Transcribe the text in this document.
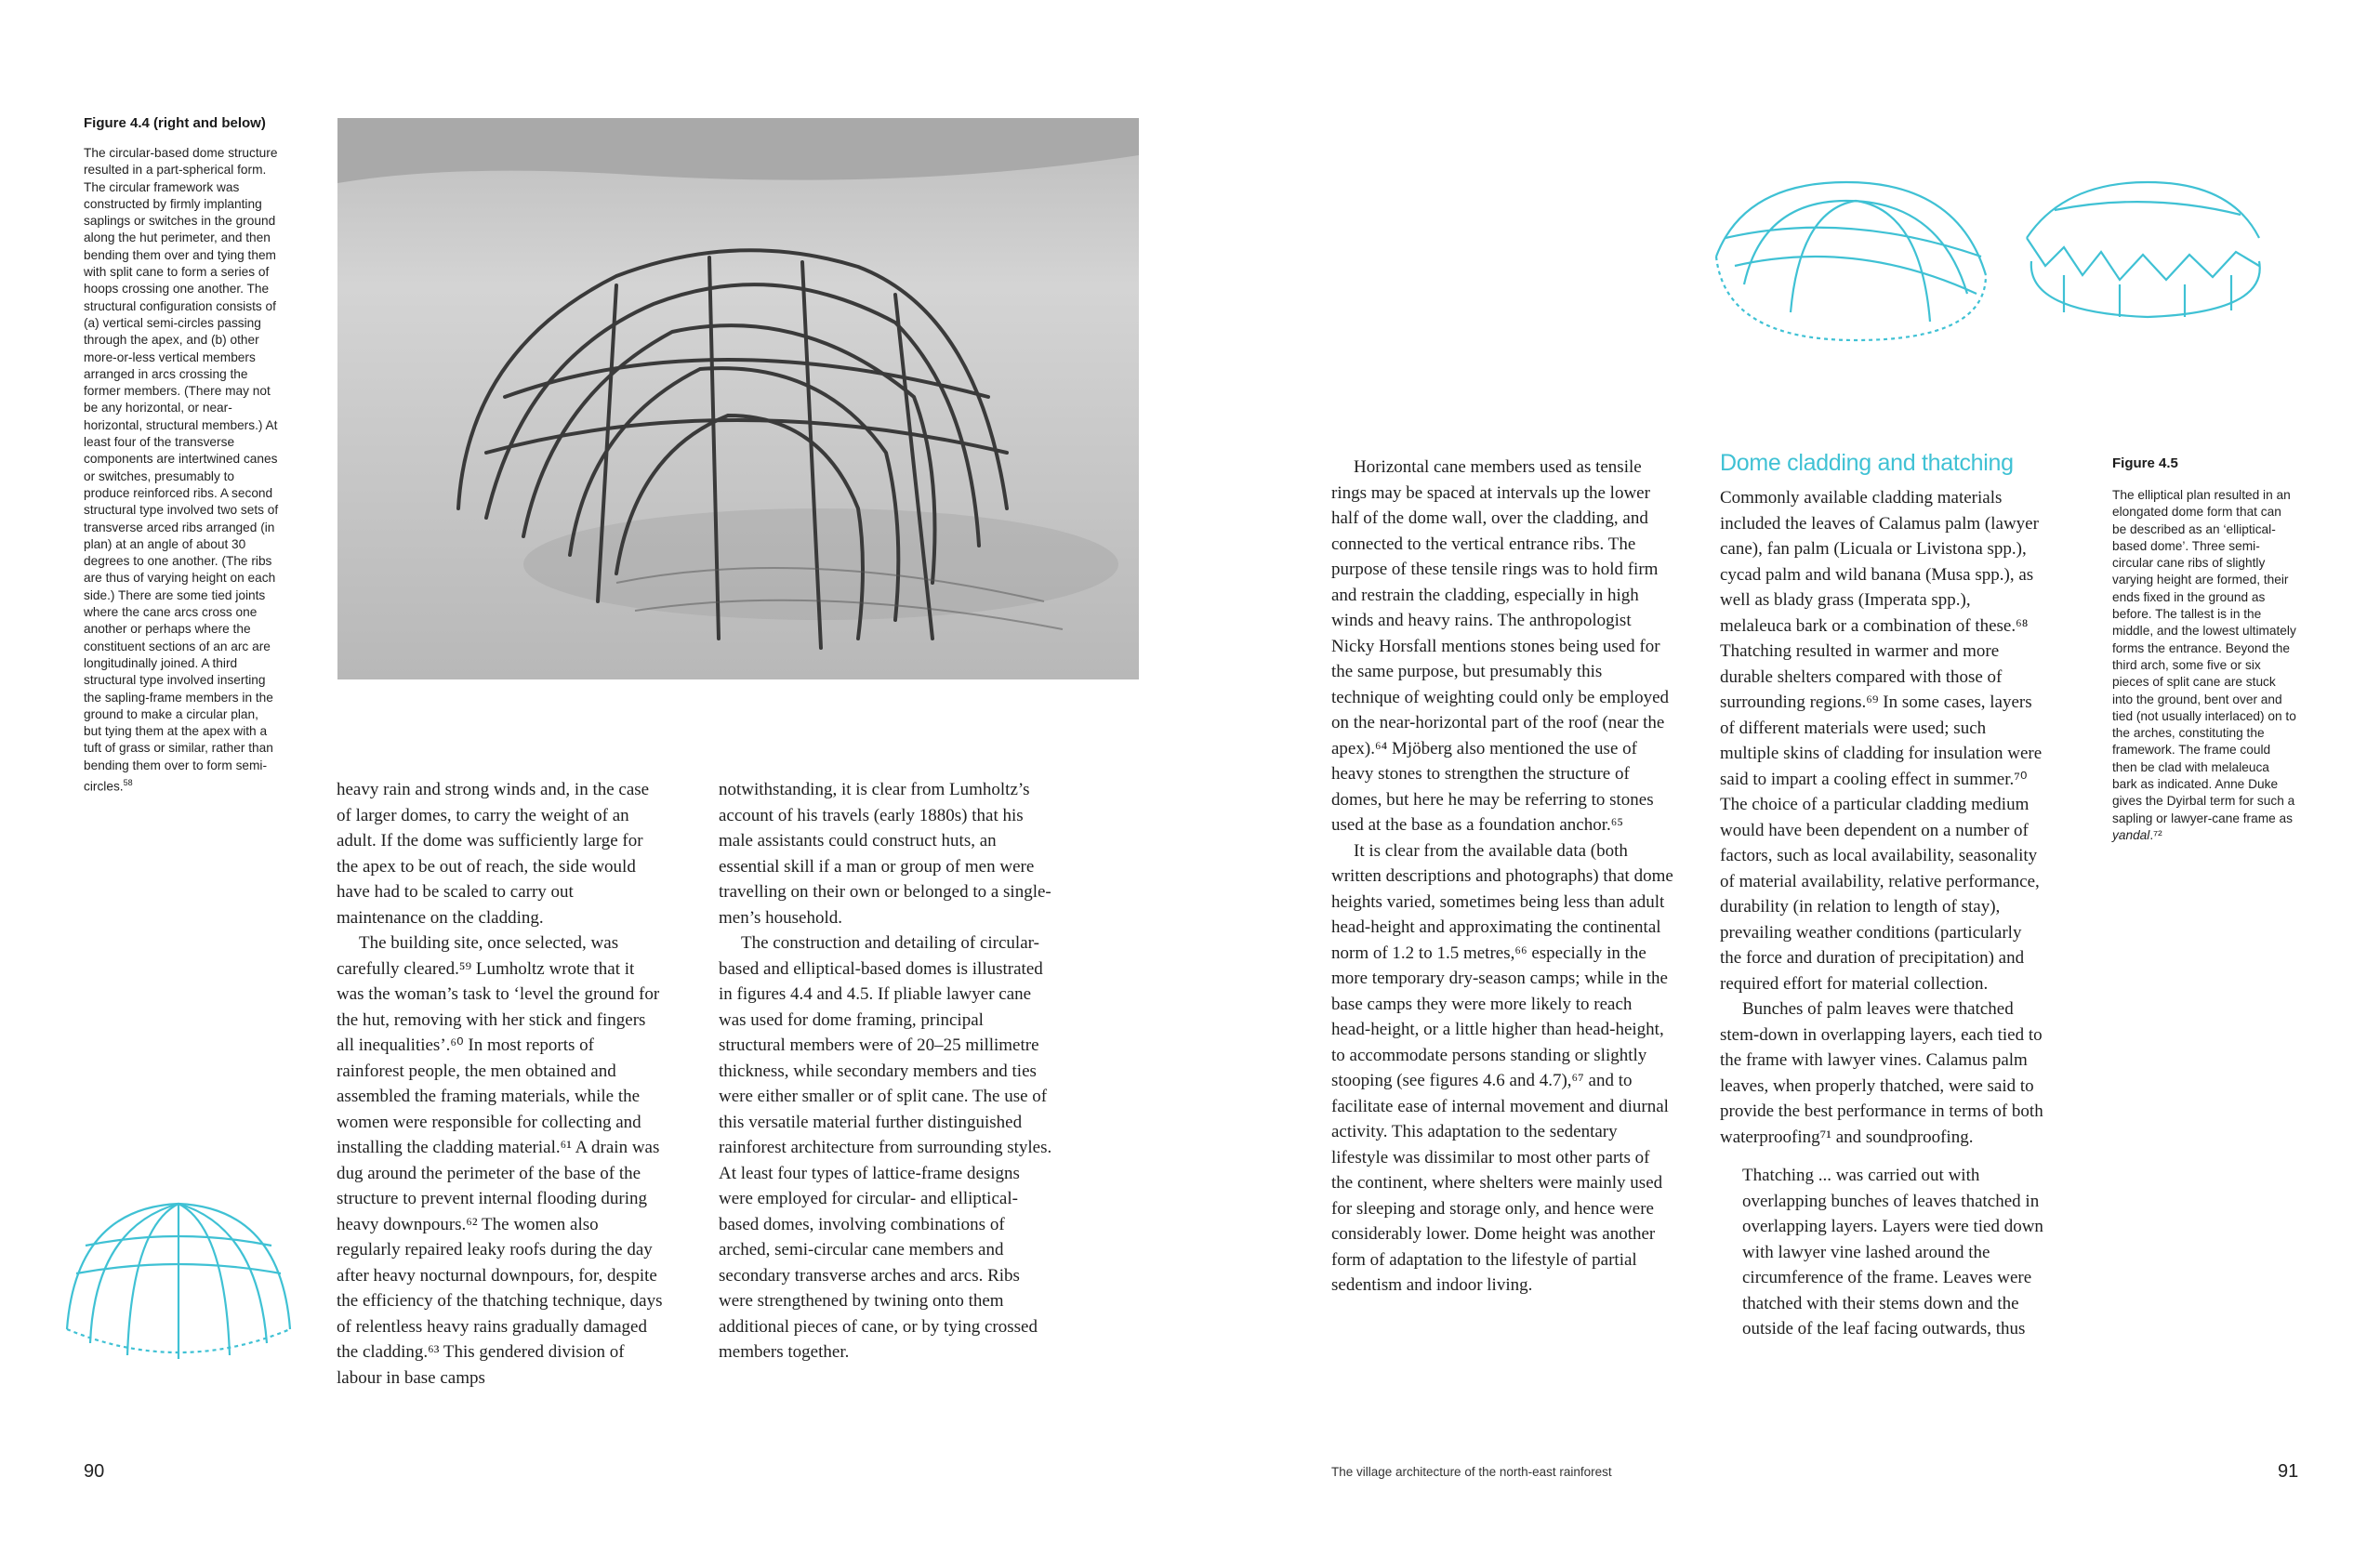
Figure 4.4 (right and below)

The circular-based dome structure resulted in a part-spherical form. The circular framework was constructed by firmly implanting saplings or switches in the ground along the hut perimeter, and then bending them over and tying them with split cane to form a series of hoops crossing one another. The structural configuration consists of (a) vertical semi-circles passing through the apex, and (b) other more-or-less vertical members arranged in arcs crossing the former members. (There may not be any horizontal, or near-horizontal, structural members.) At least four of the transverse components are intertwined canes or switches, presumably to produce reinforced ribs. A second structural type involved two sets of transverse arced ribs arranged (in plan) at an angle of about 30 degrees to one another. (The ribs are thus of varying height on each side.) There are some tied joints where the cane arcs cross one another or perhaps where the constituent sections of an arc are longitudinally joined. A third structural type involved inserting the sapling-frame members in the ground to make a circular plan, but tying them at the apex with a tuft of grass or similar, rather than bending them over to form semi-circles.$^{58}$	heavy rain and strong winds and, in the case of larger domes, to carry the weight of an adult. If the dome was sufficiently large for the apex to be out of reach, the side would have had to be scaled to carry out maintenance on the cladding.

The building site, once selected, was carefully cleared.⁵⁹ Lumholtz wrote that it was the woman’s task to ‘level the ground for the hut, removing with her stick and fingers all inequalities’.⁶⁰ In most reports of rainforest people, the men obtained and assembled the framing materials, while the women were responsible for collecting and installing the cladding material.⁶¹ A drain was dug around the perimeter of the base of the structure to prevent internal flooding during heavy downpours.⁶² The women also regularly repaired leaky roofs during the day after heavy nocturnal downpours, for, despite the efficiency of the thatching technique, days of relentless heavy rains gradually damaged the cladding.⁶³ This gendered division of labour in base camps

notwithstanding, it is clear from Lumholtz’s account of his travels (early 1880s) that his male assistants could construct huts, an essential skill if a man or group of men were travelling on their own or belonged to a single-men’s household.

The construction and detailing of circular-based and elliptical-based domes is illustrated in figures 4.4 and 4.5. If pliable lawyer cane was used for dome framing, principal structural members were of 20–25 millimetre thickness, while secondary members and ties were either smaller or of split cane. The use of this versatile material further distinguished rainforest architecture from surrounding styles. At least four types of lattice-frame designs were employed for circular- and elliptical-based domes, involving combinations of arched, semi-circular cane members and secondary transverse arches and arcs. Ribs were strengthened by twining onto them additional pieces of cane, or by tying crossed members together.

90

Horizontal cane members used as tensile rings may be spaced at intervals up the lower half of the dome wall, over the cladding, and connected to the vertical entrance ribs. The purpose of these tensile rings was to hold firm and restrain the cladding, especially in high winds and heavy rains. The anthropologist Nicky Horsfall mentions stones being used for the same purpose, but presumably this technique of weighting could only be employed on the near-horizontal part of the roof (near the apex).⁶⁴ Mjöberg also mentioned the use of heavy stones to strengthen the structure of domes, but here he may be referring to stones used at the base as a foundation anchor.⁶⁵

It is clear from the available data (both written descriptions and photographs) that dome heights varied, sometimes being less than adult head-height and approximating the continental norm of 1.2 to 1.5 metres,⁶⁶ especially in the more temporary dry-season camps; while in the base camps they were more likely to reach head-height, or a little higher than head-height, to accommodate persons standing or slightly stooping (see figures 4.6 and 4.7),⁶⁷ and to facilitate ease of internal movement and diurnal activity. This adaptation to the sedentary lifestyle was dissimilar to most other parts of the continent, where shelters were mainly used for sleeping and storage only, and hence were considerably lower. Dome height was another form of adaptation to the lifestyle of partial sedentism and indoor living.

Dome cladding and thatching

Commonly available cladding materials included the leaves of Calamus palm (lawyer cane), fan palm (Licuala or Livistona spp.), cycad palm and wild banana (Musa spp.), as well as blady grass (Imperata spp.), melaleuca bark or a combination of these.⁶⁸ Thatching resulted in warmer and more durable shelters compared with those of surrounding regions.⁶⁹ In some cases, layers of different materials were used; such multiple skins of cladding for insulation were said to impart a cooling effect in summer.⁷⁰ The choice of a particular cladding medium would have been dependent on a number of factors, such as local availability, seasonality of material availability, relative performance, durability (in relation to length of stay), prevailing weather conditions (particularly the force and duration of precipitation) and required effort for material collection.

Bunches of palm leaves were thatched stem-down in overlapping layers, each tied to the frame with lawyer vines. Calamus palm leaves, when properly thatched, were said to provide the best performance in terms of both waterproofing⁷¹ and soundproofing.

Thatching ... was carried out with overlapping bunches of leaves thatched in overlapping layers. Layers were tied down with lawyer vine lashed around the circumference of the frame. Leaves were thatched with their stems down and the outside of the leaf facing outwards, thus

Figure 4.5

The elliptical plan resulted in an elongated dome form that can be described as an ‘elliptical-based dome’. Three semi-circular cane ribs of slightly varying height are formed, their ends fixed in the ground as before. The tallest is in the middle, and the lowest ultimately forms the entrance. Beyond the third arch, some five or six pieces of split cane are stuck into the ground, bent over and tied (not usually interlaced) on to the arches, constituting the framework. The frame could then be clad with melaleuca bark as indicated. Anne Duke gives the Dyirbal term for such a sapling or lawyer-cane frame as yandal.⁷²

The village architecture of the north-east rainforest	91
